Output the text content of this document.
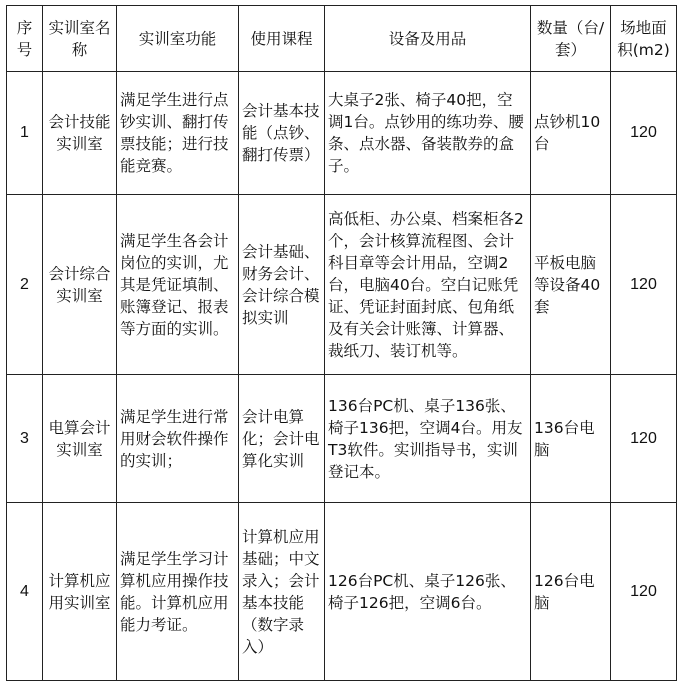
序号	实训室名称	实训室功能	使用课程	设备及用品	数量（台/套）	场地面积(m2)
1	会计技能实训室	满足学生进行点钞实训、翻打传票技能；进行技能竞赛。	会计基本技能（点钞、翻打传票）	大桌子2张、椅子40把，空调1台。点钞用的练功券、腰条、点水器、备装散券的盒子。	点钞机10台	120
2	会计综合实训室	满足学生各会计岗位的实训，尤其是凭证填制、账簿登记、报表等方面的实训。	会计基础、财务会计、会计综合模拟实训	高低柜、办公桌、档案柜各2个，会计核算流程图、会计科目章等会计用品，空调2台，电脑40台。空白记账凭证、凭证封面封底、包角纸及有关会计账簿、计算器、裁纸刀、装订机等。	平板电脑等设备40套	120
3	电算会计实训室	满足学生进行常用财会软件操作的实训；	会计电算化；会计电算化实训	136台PC机、桌子136张、椅子136把，空调4台。用友T3软件。实训指导书，实训登记本。	136台电脑	120
4	计算机应用实训室	满足学生学习计算机应用操作技能。计算机应用能力考证。	计算机应用基础；中文录入；会计基本技能（数字录入）	126台PC机、桌子126张、椅子126把，空调6台。	126台电脑	120
